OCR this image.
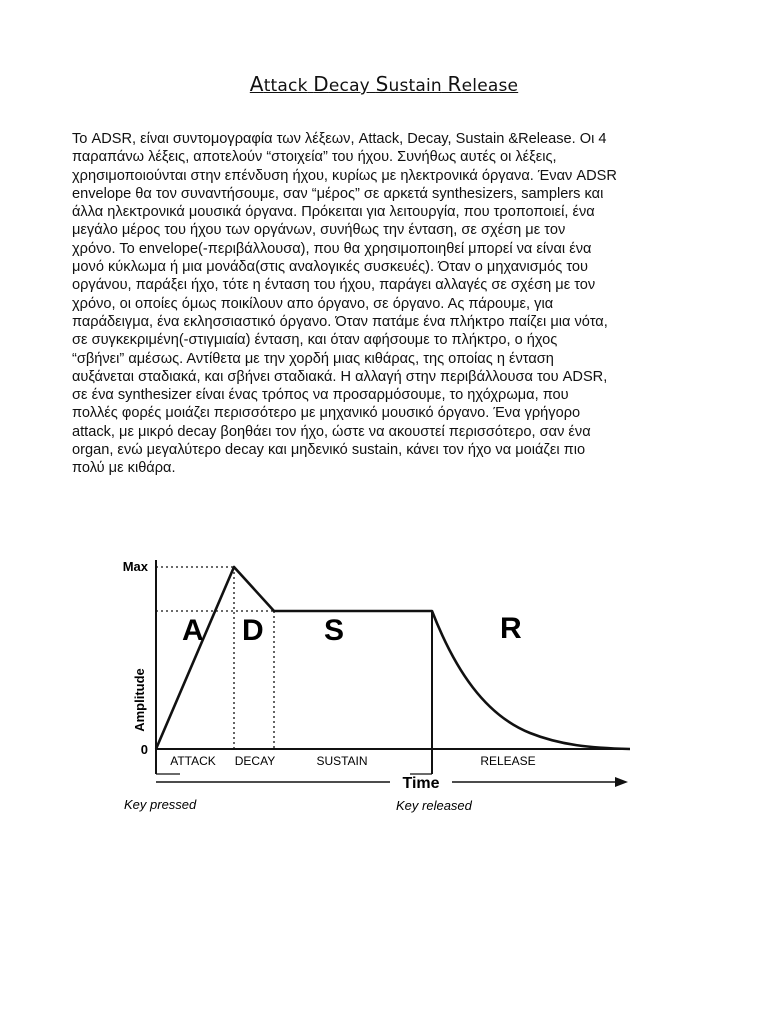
Attack Decay Sustain Release
Το ADSR, είναι συντομογραφία των λέξεων, Attack, Decay, Sustain &Release. Οι 4
παραπάνω λέξεις, αποτελούν “στοιχεία” του ήχου. Συνήθως αυτές οι λέξεις,
χρησιμοποιούνται στην επένδυση ήχου, κυρίως με ηλεκτρονικά όργανα. Έναν ADSR
envelope θα τον συναντήσουμε, σαν “μέρος” σε αρκετά synthesizers, samplers και
άλλα ηλεκτρονικά μουσικά όργανα. Πρόκειται για λειτουργία, που τροποποιεί, ένα
μεγάλο μέρος του ήχου των οργάνων, συνήθως την ένταση, σε σχέση με τον
χρόνο. Το envelope(-περιβάλλουσα), που θα χρησιμοποιηθεί μπορεί να είναι ένα
μονό κύκλωμα ή μια μονάδα(στις αναλογικές συσκευές). Όταν ο μηχανισμός του
οργάνου, παράξει ήχο, τότε η ένταση του ήχου, παράγει αλλαγές σε σχέση με τον
χρόνο, οι οποίες όμως ποικίλουν απο όργανο, σε όργανο. Ας πάρουμε, για
παράδειγμα, ένα εκλησσιαστικό όργανο. Όταν πατάμε ένα πλήκτρο παίζει μια νότα,
σε συγκεκριμένη(-στιγμιαία) ένταση, και όταν αφήσουμε το πλήκτρο, ο ήχος
“σβήνει” αμέσως. Αντίθετα με την χορδή μιας κιθάρας, της οποίας η ένταση
αυξάνεται σταδιακά, και σβήνει σταδιακά. Η αλλαγή στην περιβάλλουσα του ADSR,
σε ένα synthesizer είναι ένας τρόπος να προσαρμόσουμε, το ηχόχρωμα, που
πολλές φορές μοιάζει περισσότερο με μηχανικό μουσικό όργανο. Ένα γρήγορο
attack, με μικρό decay βοηθάει τον ήχο, ώστε να ακουστεί περισσότερο, σαν ένα
organ, ενώ μεγαλύτερο decay και μηδενικό sustain, κάνει τον ήχο να μοιάζει πιο
πολύ με κιθάρα.
Max
0
Amplitude
A D S	R
ATTACK DECAY	SUSTAIN	RELEASE
Time
Key pressed	Key released
